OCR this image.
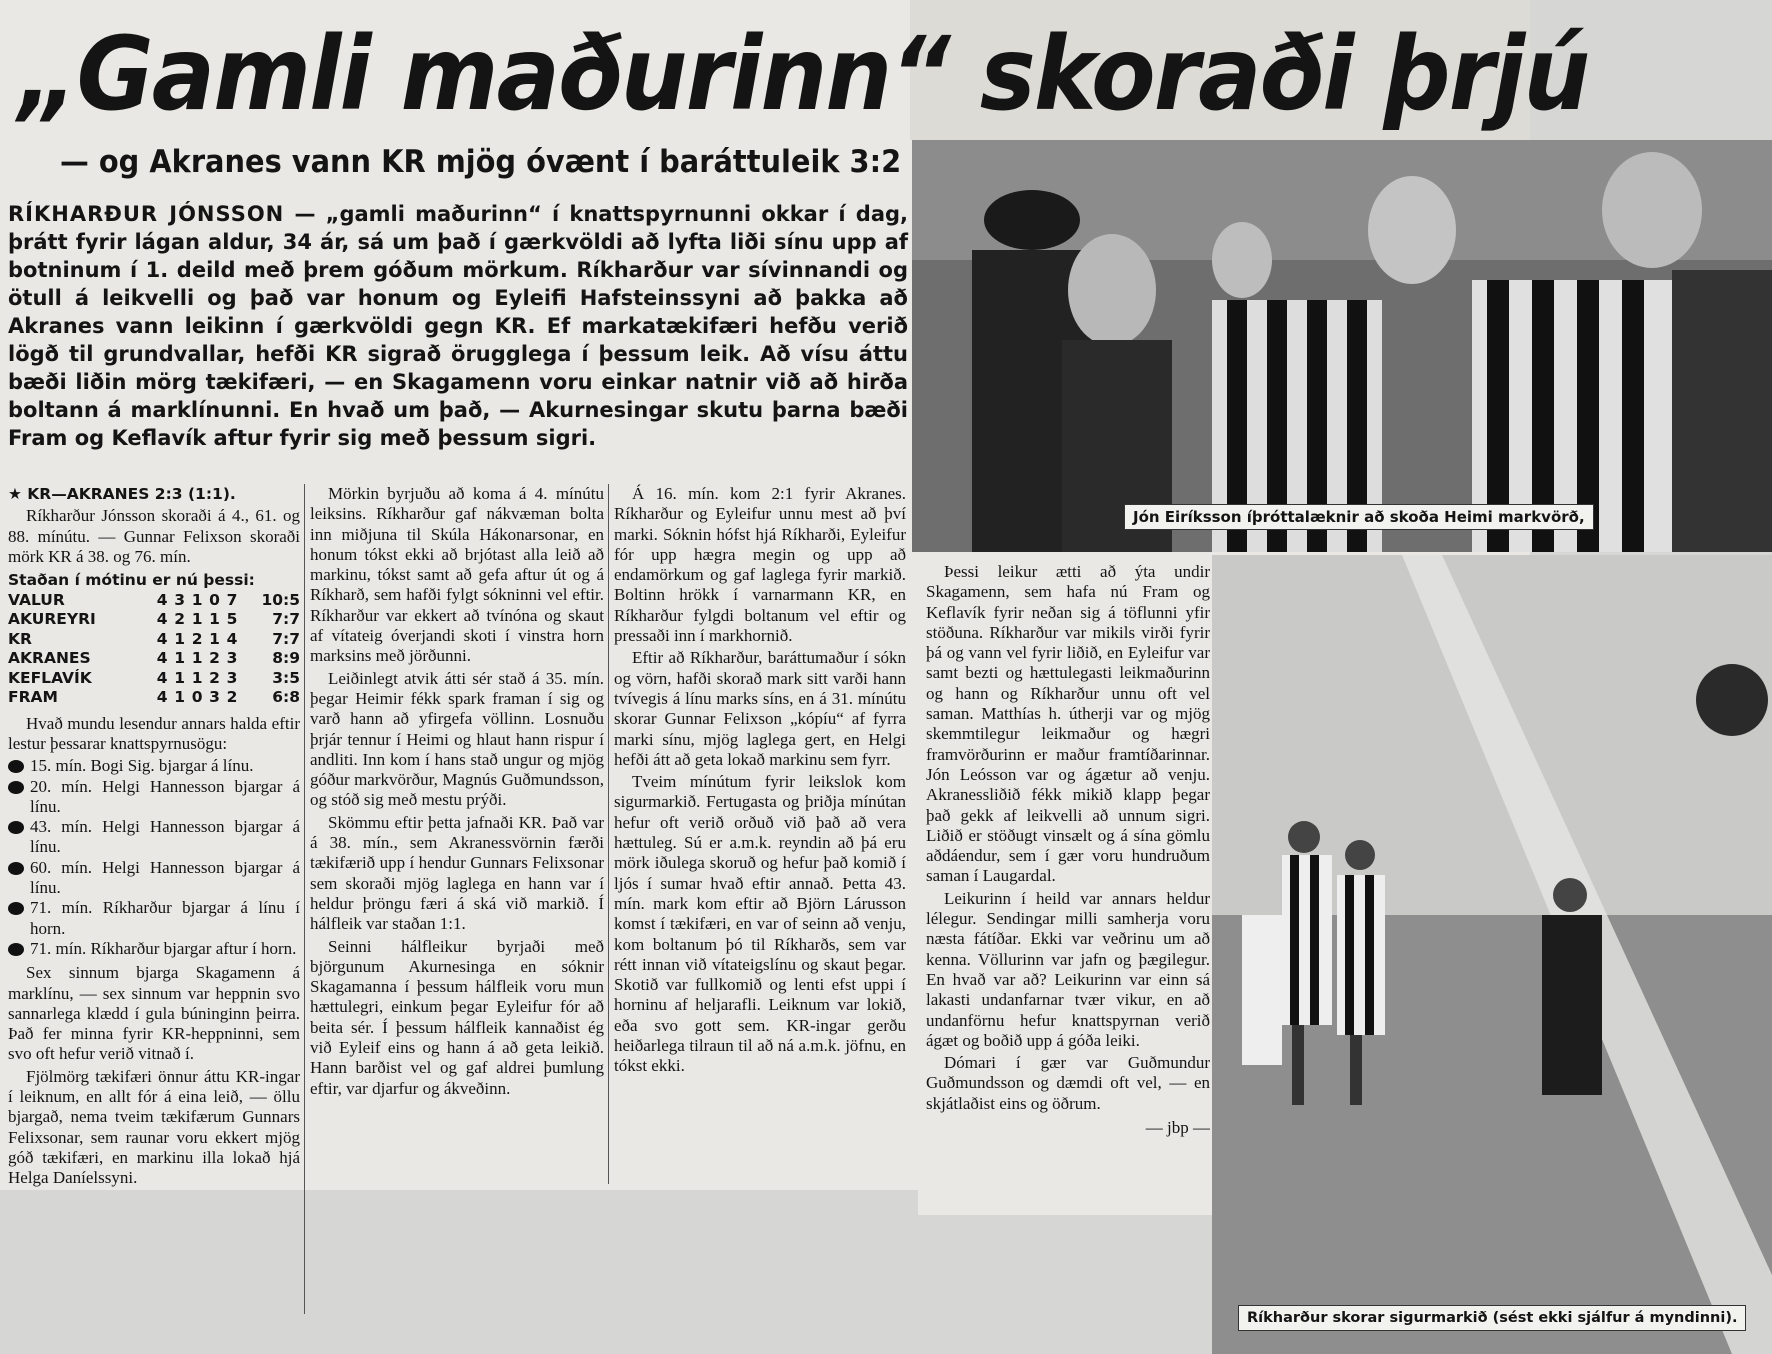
„Gamli maðurinn“ skoraði þrjú
— og Akranes vann KR mjög óvænt í baráttuleik 3:2
RÍKHARÐUR JÓNSSON — „gamli maðurinn“ í knattspyrnunni okkar í dag, þrátt fyrir lágan aldur, 34 ár, sá um það í gærkvöldi að lyfta liði sínu upp af botninum í 1. deild með þrem góðum mörkum. Ríkharður var sívinnandi og ötull á leikvelli og það var honum og Eyleifi Hafsteinssyni að þakka að Akranes vann leikinn í gærkvöldi gegn KR. Ef markatækifæri hefðu verið lögð til grundvallar, hefði KR sigrað örugglega í þessum leik. Að vísu áttu bæði liðin mörg tækifæri, — en Skagamenn voru einkar natnir við að hirða boltann á marklínunni. En hvað um það, — Akurnesingar skutu þarna bæði Fram og Keflavík aftur fyrir sig með þessum sigri.

★ KR—AKRANES 2:3 (1:1).

Ríkharður Jónsson skoraði á 4., 61. og 88. mínútu. — Gunnar Felixson skoraði mörk KR á 38. og 76. mín.

Staðan í mótinu er nú þessi:						
VALUR	4	3	1	0	7	10:5
AKUREYRI	4	2	1	1	5	7:7
KR	4	1	2	1	4	7:7
AKRANES	4	1	1	2	3	8:9
KEFLAVÍK	4	1	1	2	3	3:5
FRAM	4	1	0	3	2	6:8

Hvað mundu lesendur annars halda eftir lestur þessarar knattspyrnusögu:

15. mín. Bogi Sig. bjargar á línu.
20. mín. Helgi Hannesson bjargar á línu.
43. mín. Helgi Hannesson bjargar á línu.
60. mín. Helgi Hannesson bjargar á línu.
71. mín. Ríkharður bjargar á línu í horn.
71. mín. Ríkharður bjargar aftur í horn.

Sex sinnum bjarga Skagamenn á marklínu, — sex sinnum var heppnin svo sannarlega klædd í gula búninginn þeirra. Það fer minna fyrir KR-heppninni, sem svo oft hefur verið vitnað í.

Fjölmörg tækifæri önnur áttu KR-ingar í leiknum, en allt fór á eina leið, — öllu bjargað, nema tveim tækifærum Gunnars Felixsonar, sem raunar voru ekkert mjög góð tækifæri, en markinu illa lokað hjá Helga Daníelssyni.

Mörkin byrjuðu að koma á 4. mínútu leiksins. Ríkharður gaf nákvæman bolta inn miðjuna til Skúla Hákonarsonar, en honum tókst ekki að brjótast alla leið að markinu, tókst samt að gefa aftur út og á Ríkharð, sem hafði fylgt sókninni vel eftir. Ríkharður var ekkert að tvínóna og skaut af vítateig óverjandi skoti í vinstra horn marksins með jörðunni.

Leiðinlegt atvik átti sér stað á 35. mín. þegar Heimir fékk spark framan í sig og varð hann að yfirgefa völlinn. Losnuðu þrjár tennur í Heimi og hlaut hann rispur í andliti. Inn kom í hans stað ungur og mjög góður markvörður, Magnús Guðmundsson, og stóð sig með mestu prýði.

Skömmu eftir þetta jafnaði KR. Það var á 38. mín., sem Akranessvörnin færði tækifærið upp í hendur Gunnars Felixsonar sem skoraði mjög laglega en hann var í heldur þröngu færi á ská við markið. Í hálfleik var staðan 1:1.

Seinni hálfleikur byrjaði með björgunum Akurnesinga en sóknir Skagamanna í þessum hálfleik voru mun hættulegri, einkum þegar Eyleifur fór að beita sér. Í þessum hálfleik kannaðist ég við Eyleif eins og hann á að geta leikið. Hann barðist vel og gaf aldrei þumlung eftir, var djarfur og ákveðinn.

Á 16. mín. kom 2:1 fyrir Akranes. Ríkharður og Eyleifur unnu mest að því marki. Sóknin hófst hjá Ríkharði, Eyleifur fór upp hægra megin og upp að endamörkum og gaf laglega fyrir markið. Boltinn hrökk í varnarmann KR, en Ríkharður fylgdi boltanum vel eftir og pressaði inn í markhornið.

Eftir að Ríkharður, baráttumaður í sókn og vörn, hafði skorað mark sitt varði hann tvívegis á línu marks síns, en á 31. mínútu skorar Gunnar Felixson „kópíu“ af fyrra marki sínu, mjög laglega gert, en Helgi hefði átt að geta lokað markinu sem fyrr.

Tveim mínútum fyrir leikslok kom sigurmarkið. Fertugasta og þriðja mínútan hefur oft verið orðuð við það að vera hættuleg. Sú er a.m.k. reyndin að þá eru mörk iðulega skoruð og hefur það komið í ljós í sumar hvað eftir annað. Þetta 43. mín. mark kom eftir að Björn Lárusson komst í tækifæri, en var of seinn að venju, kom boltanum þó til Ríkharðs, sem var rétt innan við vítateigslínu og skaut þegar. Skotið var fullkomið og lenti efst uppi í horninu af heljarafli. Leiknum var lokið, eða svo gott sem. KR-ingar gerðu heiðarlega tilraun til að ná a.m.k. jöfnu, en tókst ekki.

Þessi leikur ætti að ýta undir Skagamenn, sem hafa nú Fram og Keflavík fyrir neðan sig á töflunni yfir stöðuna. Ríkharður var mikils virði fyrir þá og vann vel fyrir liðið, en Eyleifur var samt bezti og hættulegasti leikmaðurinn og hann og Ríkharður unnu oft vel saman. Matthías h. útherji var og mjög skemmtilegur leikmaður og hægri framvörðurinn er maður framtíðarinnar. Jón Leósson var og ágætur að venju. Akranessliðið fékk mikið klapp þegar það gekk af leikvelli að unnum sigri. Liðið er stöðugt vinsælt og á sína gömlu aðdáendur, sem í gær voru hundruðum saman í Laugardal.

Leikurinn í heild var annars heldur lélegur. Sendingar milli samherja voru næsta fátíðar. Ekki var veðrinu um að kenna. Völlurinn var jafn og þægilegur. En hvað var að? Leikurinn var einn sá lakasti undanfarnar tvær vikur, en að undanförnu hefur knattspyrnan verið ágæt og boðið upp á góða leiki.

Dómari í gær var Guðmundur Guðmundsson og dæmdi oft vel, — en skjátlaðist eins og öðrum.

— jbp —

Jón Eiríksson íþróttalæknir að skoða Heimi markvörð,
Ríkharður skorar sigurmarkið (sést ekki sjálfur á myndinni).
